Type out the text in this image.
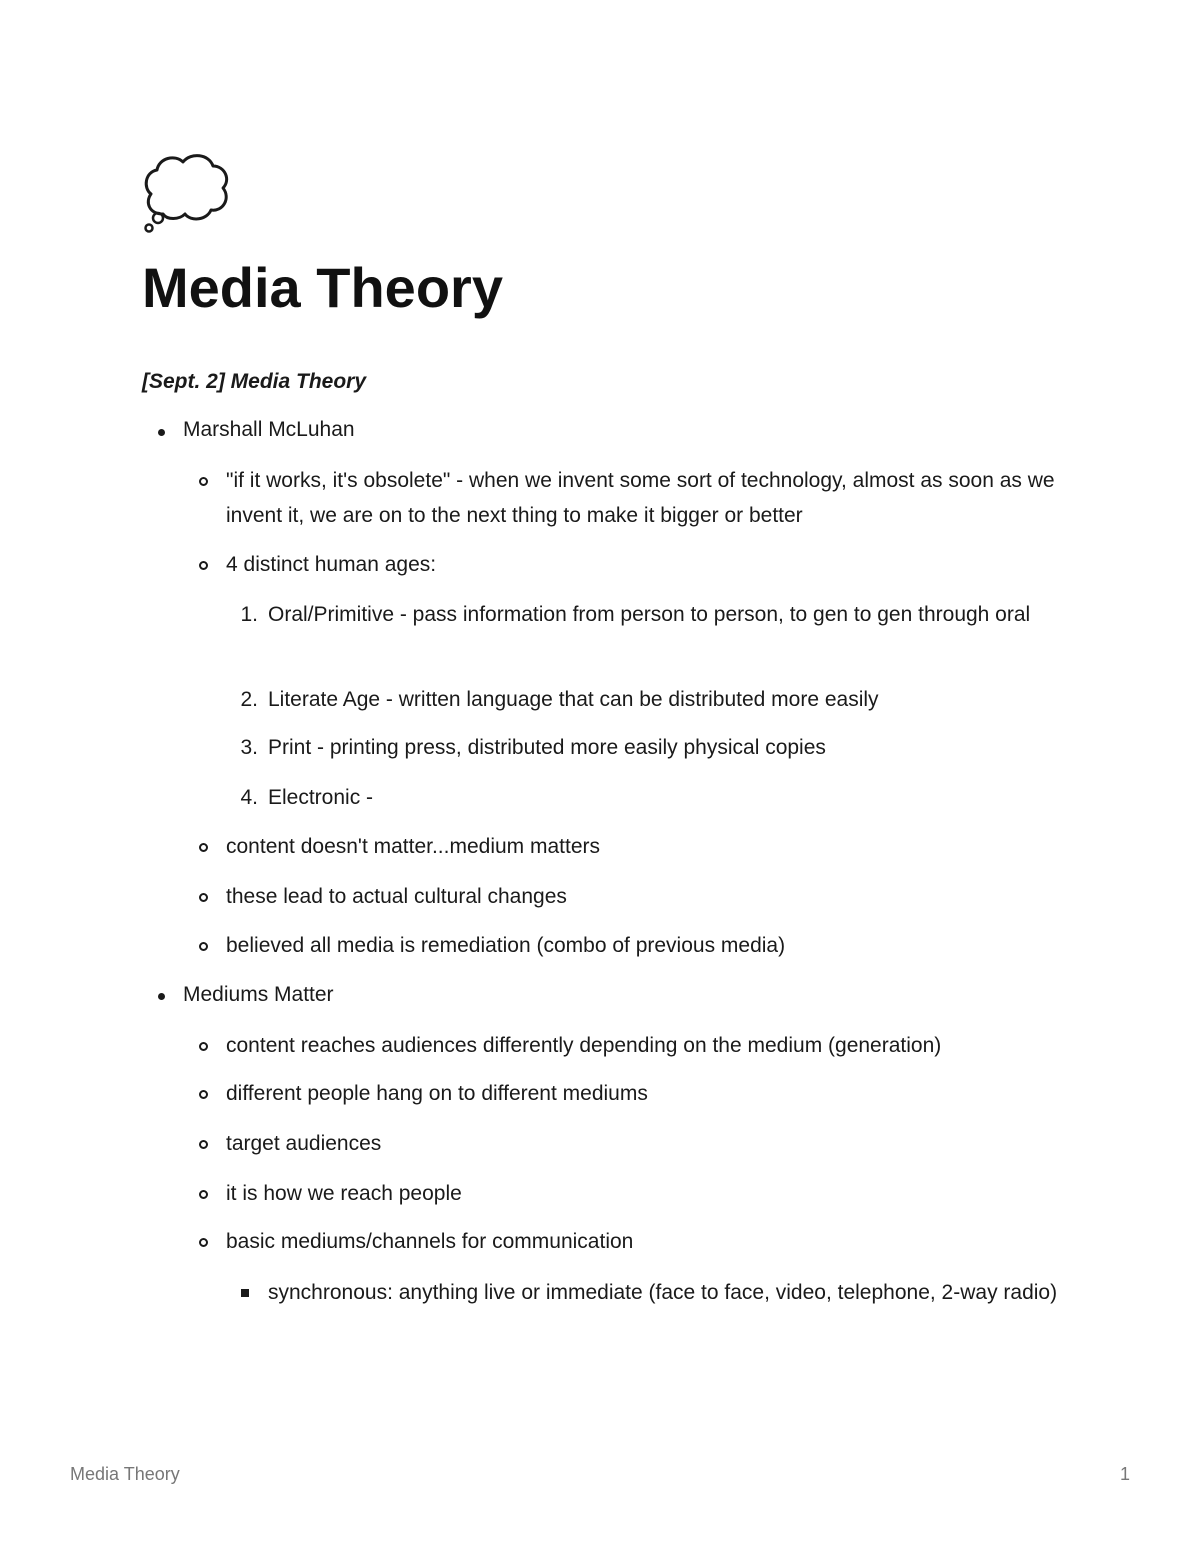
Media Theory
[Sept. 2] Media Theory

Marshall McLuhan

"if it works, it's obsolete" - when we invent some sort of technology, almost as soon as we invent it, we are on to the next thing to make it bigger or better

4 distinct human ages:

1. Oral/Primitive - pass information from person to person, to gen to gen through oral

2. Literate Age - written language that can be distributed more easily

3. Print - printing press, distributed more easily physical copies

4. Electronic -

content doesn't matter...medium matters

these lead to actual cultural changes

believed all media is remediation (combo of previous media)

Mediums Matter

content reaches audiences differently depending on the medium (generation)

different people hang on to different mediums

target audiences

it is how we reach people

basic mediums/channels for communication

synchronous: anything live or immediate (face to face, video, telephone, 2-way radio)

Media Theory	1
